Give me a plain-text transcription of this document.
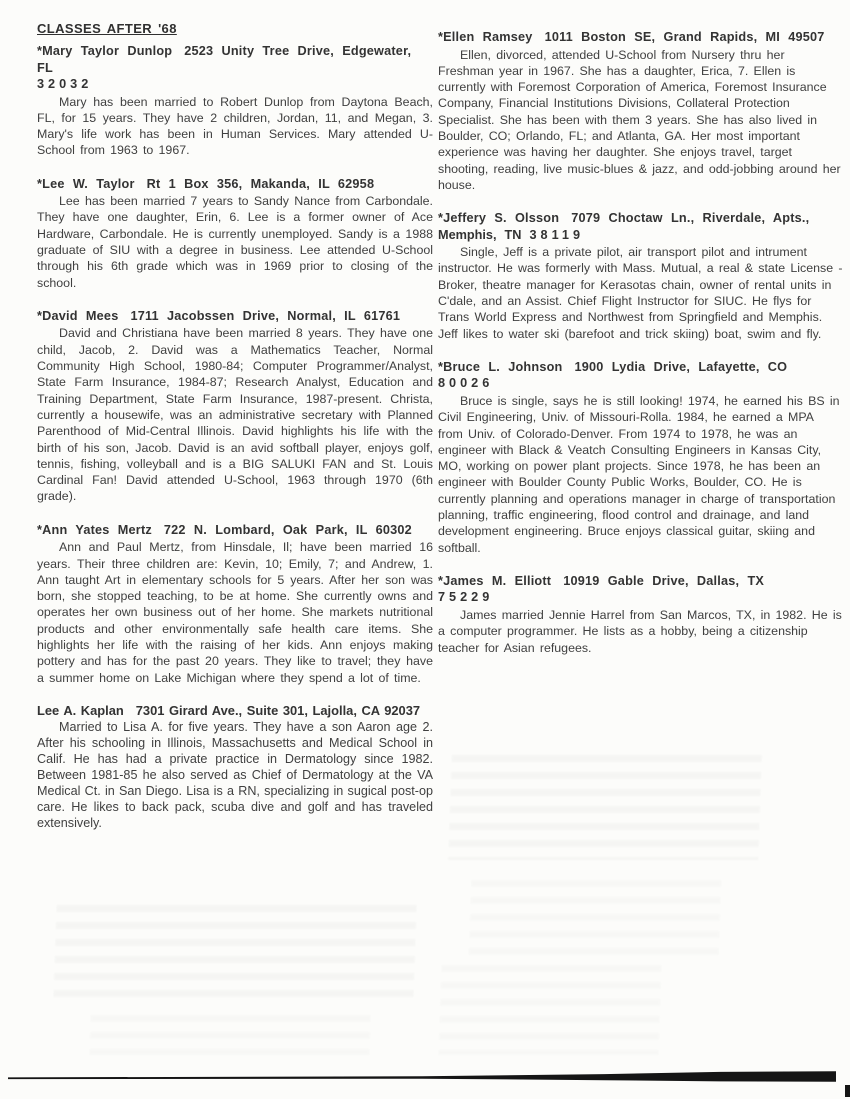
CLASSES AFTER '68
*Mary Taylor Dunlop 2523 Unity Tree Drive, Edgewater, FL
32032

Mary has been married to Robert Dunlop from Daytona Beach, FL, for 15 years. They have 2 children, Jordan, 11, and Megan, 3. Mary's life work has been in Human Services. Mary attended U-School from 1963 to 1967.

*Lee W. Taylor Rt 1 Box 356, Makanda, IL 62958

Lee has been married 7 years to Sandy Nance from Carbondale. They have one daughter, Erin, 6. Lee is a former owner of Ace Hardware, Carbondale. He is currently unemployed. Sandy is a 1988 graduate of SIU with a degree in business. Lee attended U-School through his 6th grade which was in 1969 prior to closing of the school.

*David Mees 1711 Jacobssen Drive, Normal, IL 61761

David and Christiana have been married 8 years. They have one child, Jacob, 2. David was a Mathematics Teacher, Normal Community High School, 1980-84; Computer Programmer/Analyst, State Farm Insurance, 1984-87; Research Analyst, Education and Training Department, State Farm Insurance, 1987-present. Christa, currently a housewife, was an administrative secretary with Planned Parenthood of Mid-Central Illinois. David highlights his life with the birth of his son, Jacob. David is an avid softball player, enjoys golf, tennis, fishing, volleyball and is a BIG SALUKI FAN and St. Louis Cardinal Fan! David attended U-School, 1963 through 1970 (6th grade).

*Ann Yates Mertz 722 N. Lombard, Oak Park, IL 60302

Ann and Paul Mertz, from Hinsdale, Il; have been married 16 years. Their three children are: Kevin, 10; Emily, 7; and Andrew, 1. Ann taught Art in elementary schools for 5 years. After her son was born, she stopped teaching, to be at home. She currently owns and operates her own business out of her home. She markets nutritional products and other environmentally safe health care items. She highlights her life with the raising of her kids. Ann enjoys making pottery and has for the past 20 years. They like to travel; they have a summer home on Lake Michigan where they spend a lot of time.

Lee A. Kaplan 7301 Girard Ave., Suite 301, Lajolla, CA 92037

Married to Lisa A. for five years. They have a son Aaron age 2. After his schooling in Illinois, Massachusetts and Medical School in Calif. He has had a private practice in Dermatology since 1982. Between 1981-85 he also served as Chief of Dermatology at the VA Medical Ct. in San Diego. Lisa is a RN, specializing in sugical post-op care. He likes to back pack, scuba dive and golf and has traveled extensively.

*Ellen Ramsey 1011 Boston SE, Grand Rapids, MI 49507

Ellen, divorced, attended U-School from Nursery thru her Freshman year in 1967. She has a daughter, Erica, 7. Ellen is currently with Foremost Corporation of America, Foremost Insurance Company, Financial Institutions Divisions, Collateral Protection Specialist. She has been with them 3 years. She has also lived in Boulder, CO; Orlando, FL; and Atlanta, GA. Her most important experience was having her daughter. She enjoys travel, target shooting, reading, live music-blues & jazz, and odd-jobbing around her house.

*Jeffery S. Olsson 7079 Choctaw Ln., Riverdale, Apts.,
Memphis, TN 38119

Single, Jeff is a private pilot, air transport pilot and intrument instructor. He was formerly with Mass. Mutual, a real & state License -Broker, theatre manager for Kerasotas chain, owner of rental units in C'dale, and an Assist. Chief Flight Instructor for SIUC. He flys for Trans World Express and Northwest from Springfield and Memphis. Jeff likes to water ski (barefoot and trick skiing) boat, swim and fly.

*Bruce L. Johnson 1900 Lydia Drive, Lafayette, CO
80026

Bruce is single, says he is still looking! 1974, he earned his BS in Civil Engineering, Univ. of Missouri-Rolla. 1984, he earned a MPA from Univ. of Colorado-Denver. From 1974 to 1978, he was an engineer with Black & Veatch Consulting Engineers in Kansas City, MO, working on power plant projects. Since 1978, he has been an engineer with Boulder County Public Works, Boulder, CO. He is currently planning and operations manager in charge of transportation planning, traffic engineering, flood control and drainage, and land development engineering. Bruce enjoys classical guitar, skiing and softball.

*James M. Elliott 10919 Gable Drive, Dallas, TX
75229

James married Jennie Harrel from San Marcos, TX, in 1982. He is a computer programmer. He lists as a hobby, being a citizenship teacher for Asian refugees.
